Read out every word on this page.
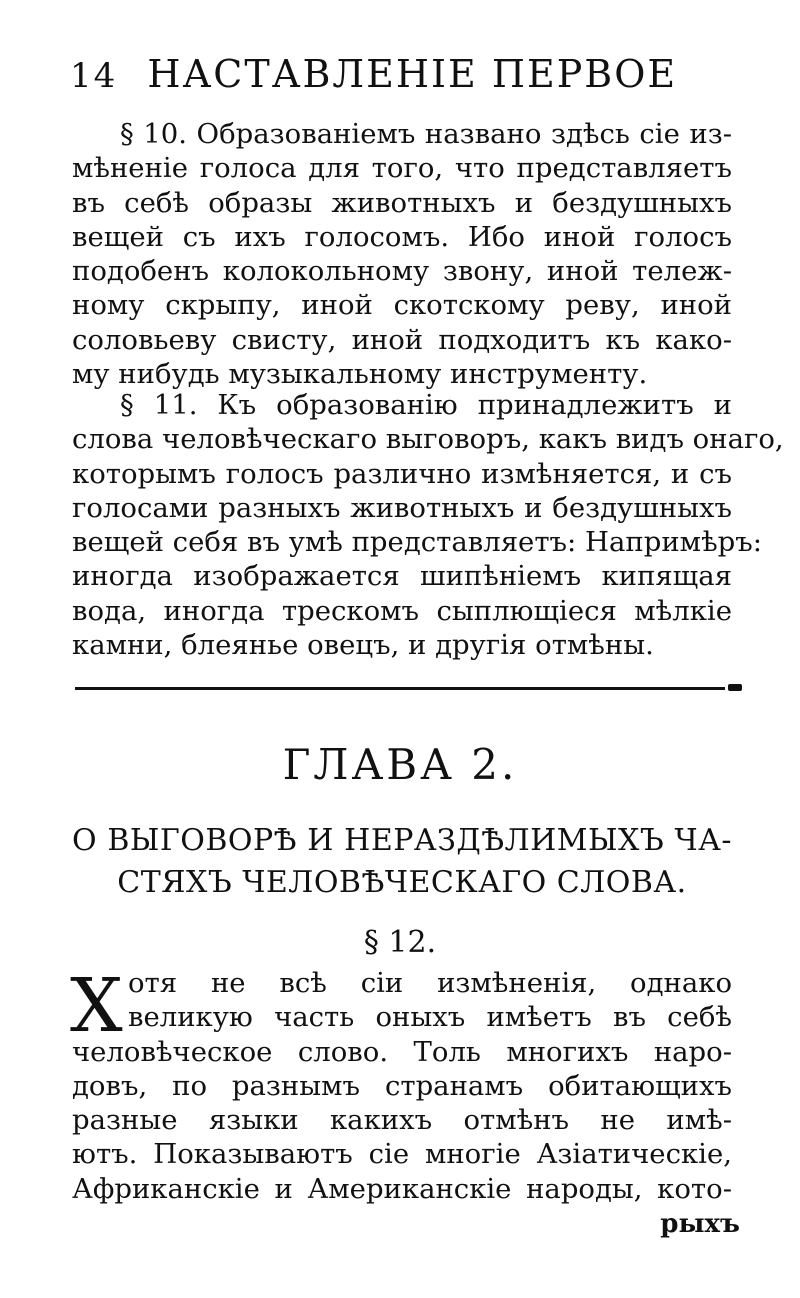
14 НАСТАВЛЕНІЕ ПЕРВОЕ
§ 10. Образованіемъ названо здѣсь сіе из-
мѣненіе голоса для того, что представляетъ
въ себѣ образы живoтныхъ и бездушныхъ
вещей съ ихъ голосомъ. Ибо иной голосъ
подобенъ колокольному звону, иной тележ-
ному скрыпу, иной скотскому реву, иной
соловьеву свисту, иной подходитъ къ како-
му нибудь музыкальному инструменту.
§ 11. Къ образованію принадлежитъ и
слова человѣческаго выговоръ, какъ видъ онаго,
которымъ голосъ различно измѣняется, и съ
голосами разныхъ животныхъ и бездушныхъ
вещей себя въ умѣ представляетъ: Напримѣръ:
иногда изображается шипѣніемъ кипящая
вода, иногда трескомъ сыплющіеся мѣлкіе
камни, блеянье овецъ, и другія отмѣны.
ГЛАВА 2.
О ВЫГОВОРѢ И НЕРАЗДѢЛИМЫХЪ ЧА-
СТЯХЪ ЧЕЛОВѢЧЕСКАГО СЛОВА.
§ 12.
Х отя не всѣ сіи измѣненія, однако
великую часть оныхъ имѣетъ въ себѣ
человѣческое слово. Толь многихъ наро-
довъ, по разнымъ странамъ обитающихъ
разные языки какихъ отмѣнъ не имѣ-
ютъ. Показываютъ сіе многіе Азіатическіе,
Африканскіе и Американскіе народы, кото-
рыхъ
